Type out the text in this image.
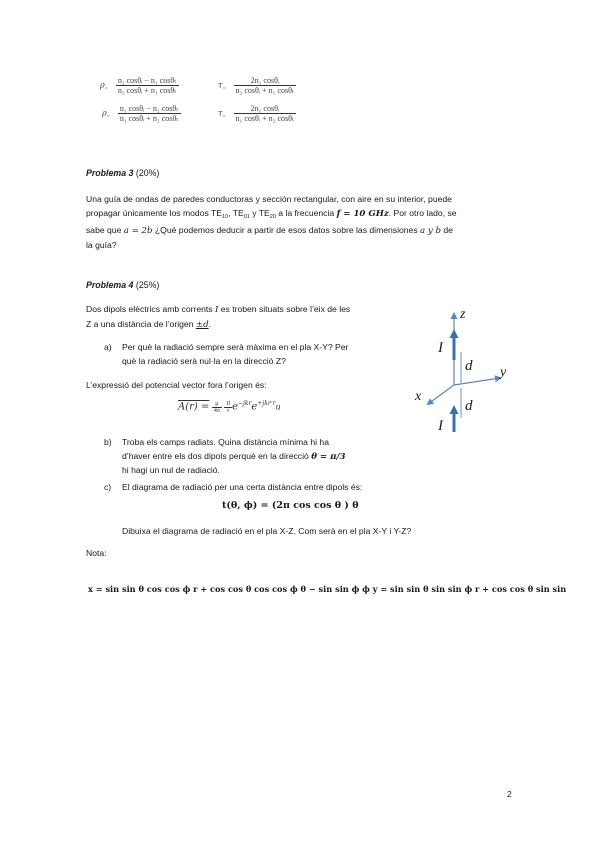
$\rho_= \frac{\text{n₂ cosθᵢ − n₁ cosθₜ}}{\text{n₂ cosθᵢ + n₁ cosθₜ}}$	$\tau_= \frac{\text{2n₁ cosθᵢ}}{\text{n₂ cosθᵢ + n₁ cosθₜ}}$
$\rho_= \frac{\text{n₁ cosθᵢ − n₂ cosθₜ}}{\text{n₁ cosθᵢ + n₂ cosθₜ}}$	$\tau_= \frac{\text{2n₁ cosθᵢ}}{\text{n₁ cosθᵢ + n₂ cosθₜ}}$
Problema 3 (20%)
Una guía de ondas de paredes conductoras y sección rectangular, con aire en su interior, puede
propagar únicamente los modos $TE_{10}$, $TE_{01}$ y $TE_{20}$ a la frecuencia f = 10 GHz. Por otro lado, se
sabe que a = 2b ¿Qué podemos deducir a partir de esos datos sobre las dimensiones a y b de
la guía?
Problema 4 (25%)
Dos dipols elèctrics amb corrents I es troben situats sobre l’eix de les
Z a una distància de l’origen ±d.
a) Per què la radiació sempre serà màxima en el pla X-Y? Per
què la radiació serà nul·la en la direcció Z?
L’expressió del potencial vector fora l’origen és:
$A(r) = \frac{\mu}{4\pi}$
$\frac{Il}{r} e^{-jkr}e^{+jkr\cdot r}u$
b) Troba els camps radiats. Quina distància mínima hi ha
d’haver entre els dos dipols perquè en la direcció θ = π/3
hi hagi un nul de radiació.
c) El diagrama de radiació per una certa distància entre dipols és:
t(θ, ϕ) = (2π cos cos θ ) θ
Dibuixa el diagrama de radiació en el pla X-Z. Com serà en el pla X-Y i Y-Z?
Nota:
x = sin sin θ cos cos ϕ r + cos cos θ cos cos ϕ θ − sin sin ϕ ϕ y = sin sin θ sin sin ϕ r + cos cos θ sin sin
z
y
x
I
I
d
d
2
